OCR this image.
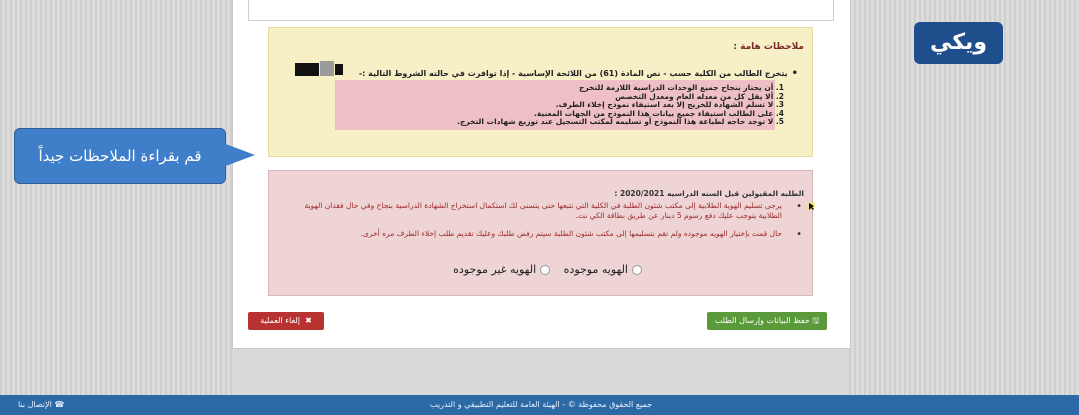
ملاحظات هامة :
•يتخرج الطالب من الكلية حسب - نص المادة (61) من اللائحة الإساسية - إذا توافرت في حالته الشروط التالية :-
1. أن يجتاز بنجاح جميع الوحدات الدراسية اللازمة للتخرج
2. ألا يقل كل من معدله العام ومعدل التخصص
3. لا تسلم الشهادة للخريج إلا بعد استيفاء نموذج إخلاء الطرف.
4. على الطالب استيفاء جميع بيانات هذا النموذج من الجهات المعنية.
5. لا توجد حاجه لطباعة هذا النموذج أو تسليمه لمكتب التسجيل عند توزيع شهادات التخرج.
قم بقراءة الملاحظات جيداً
ويكي
الطلبه المقبولين قبل السنه الدراسيه 2020/2021 :
•
يرجى تسليم الهوية الطلابية إلى مكتب شئون الطلبة في الكلية التي تتبعها حتى يتسنى لك استكمال استخراج الشهادة الدراسية بنجاح وفي حال فقدان الهوية الطلابية يتوجب عليك دفع رسوم 5 دينار عن طريق بطاقة الكي نت.
•
حال قمت بإختيار الهويه موجوده ولم تقم بتسليمها إلى مكتب شئون الطلبة سيتم رفض طلبك وعليك تقديم طلب إخلاء الطرف مره أخرى.
الهويه موجوده الهويه غير موجوده
✖  إلغاء العملية	🖫 حفظ البيانات وإرسال الطلب
جميع الحقوق محفوظة © - الهيئة العامة للتعليم التطبيقي و التدريب
☎ الإتصال بنا
